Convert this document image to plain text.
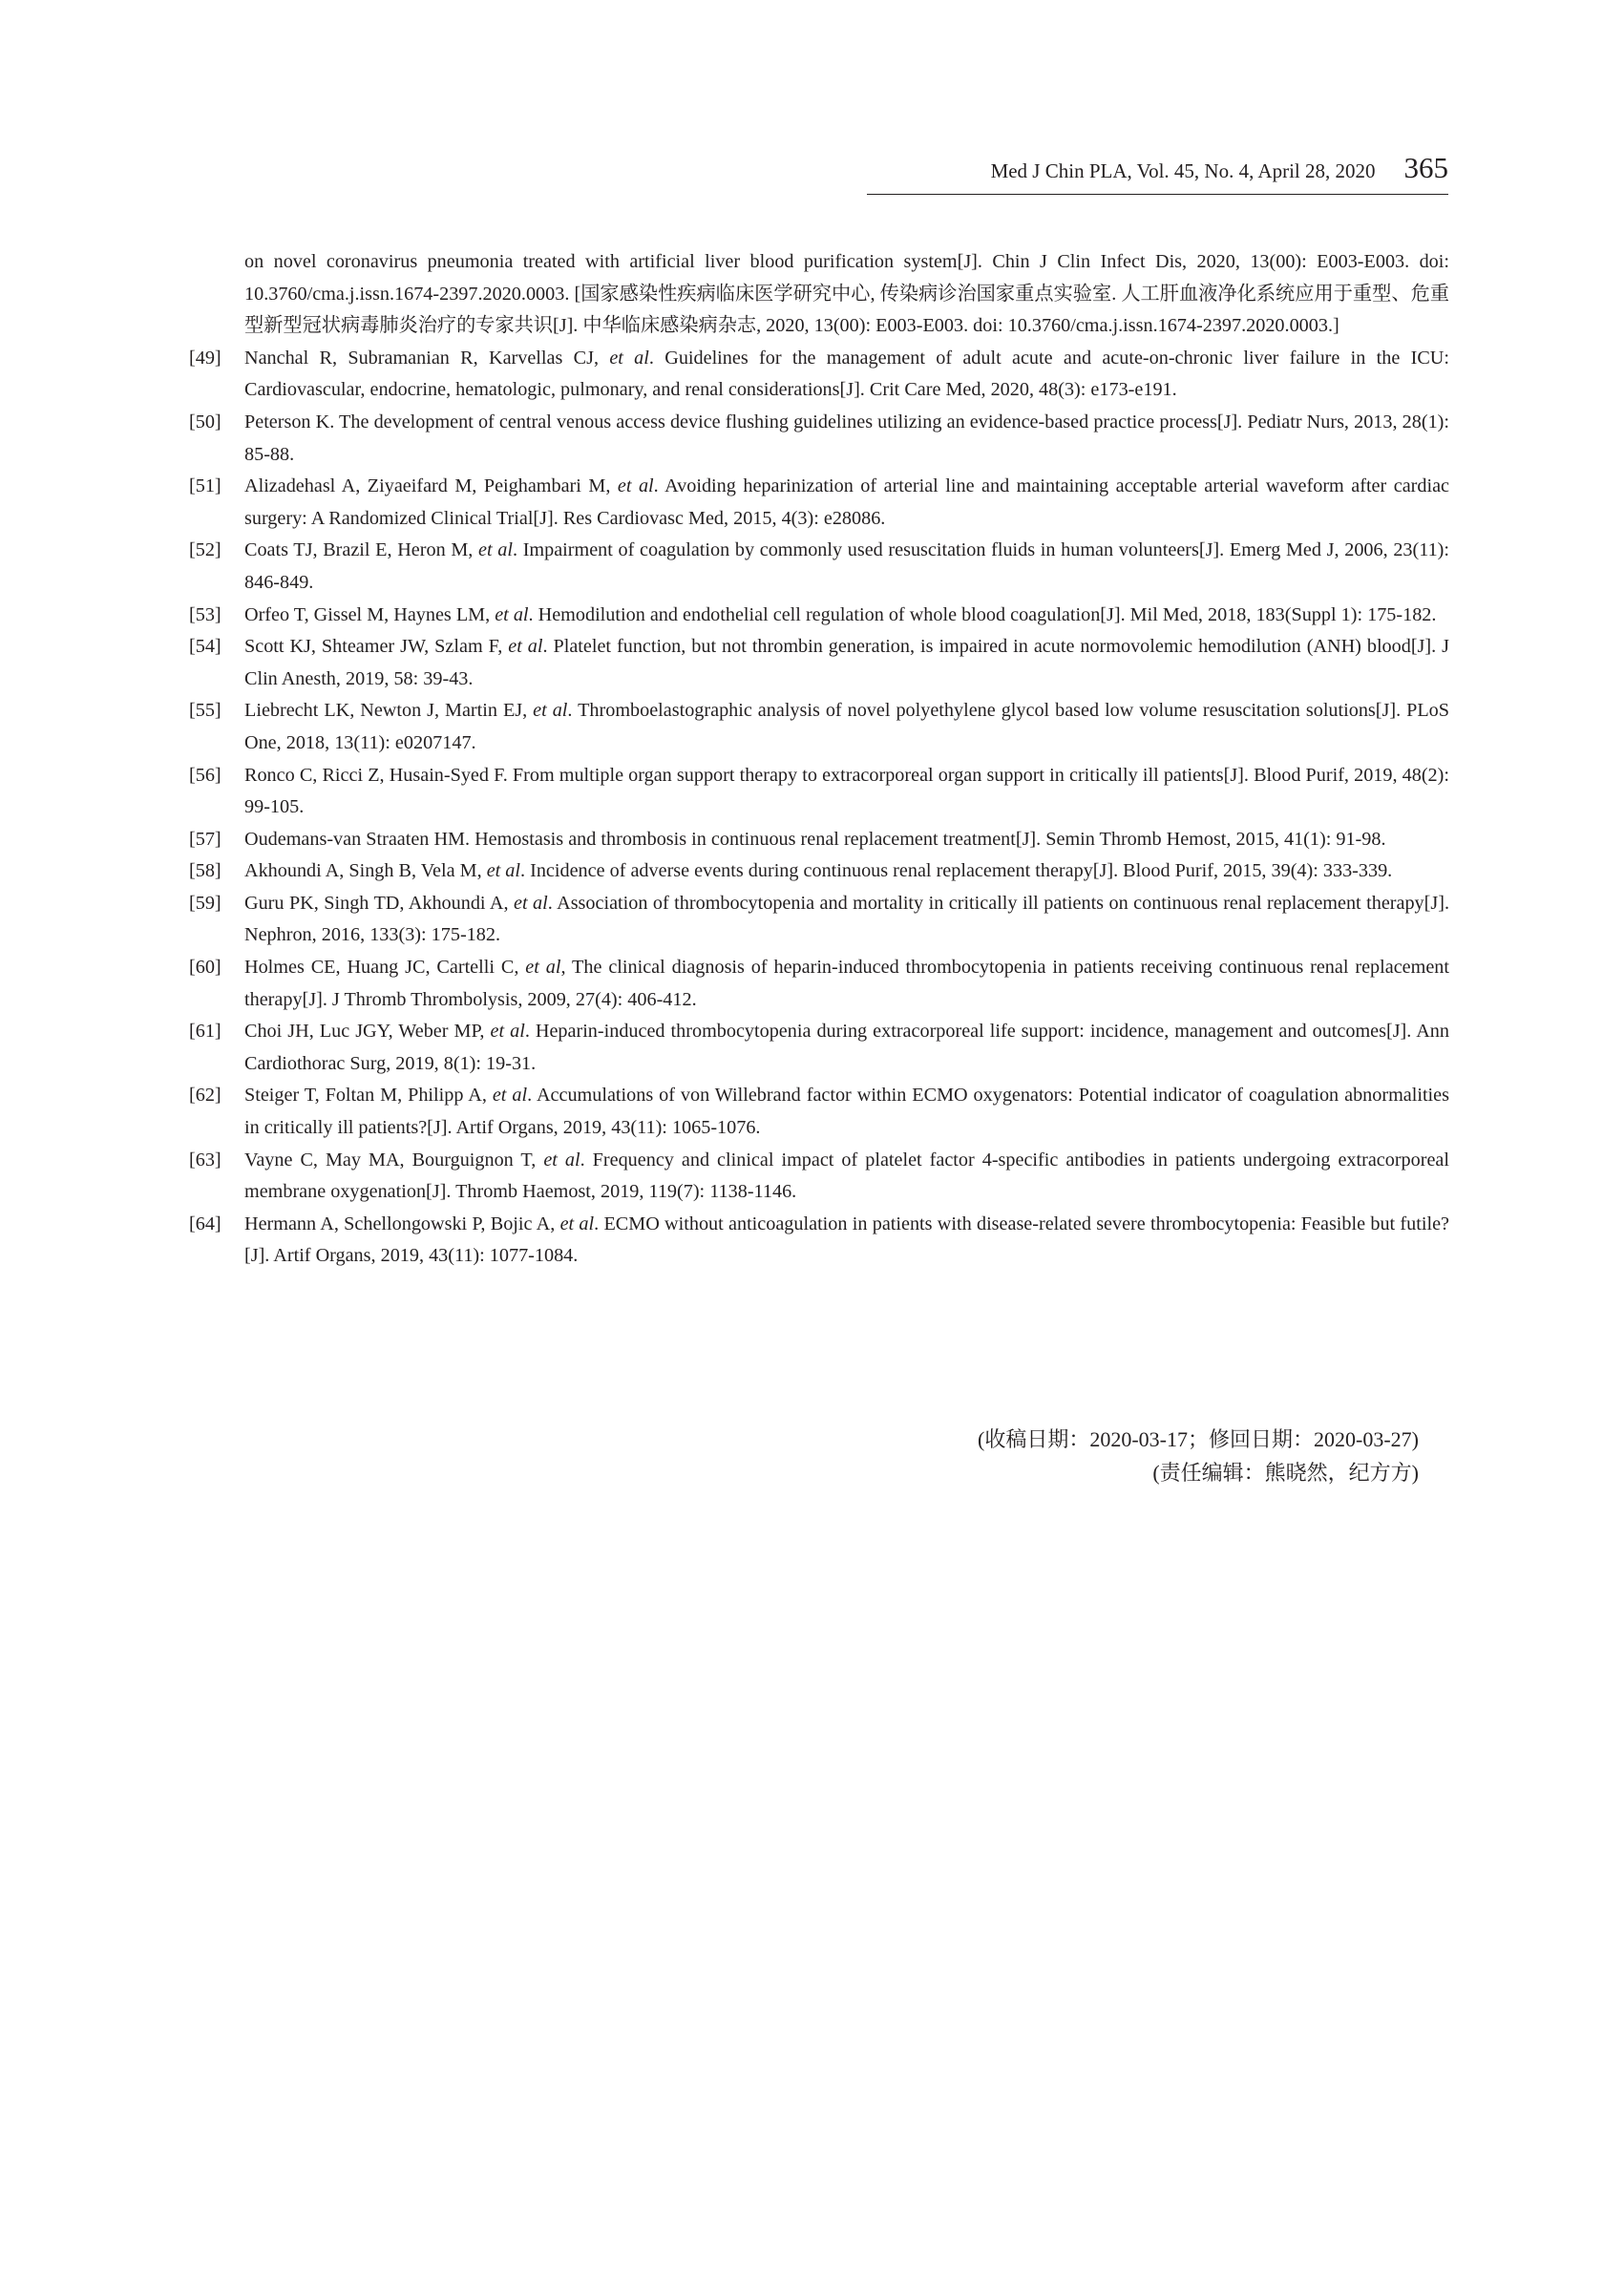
Med J Chin PLA, Vol. 45, No. 4, April 28, 2020 365
on novel coronavirus pneumonia treated with artificial liver blood purification system[J]. Chin J Clin Infect Dis, 2020, 13(00): E003-E003. doi: 10.3760/cma.j.issn.1674-2397.2020.0003. [国家感染性疾病临床医学研究中心, 传染病诊治国家重点实验室. 人工肝血液净化系统应用于重型、危重型新型冠状病毒肺炎治疗的专家共识[J]. 中华临床感染病杂志, 2020, 13(00): E003-E003. doi: 10.3760/cma.j.issn.1674-2397.2020.0003.]
[49]	Nanchal R, Subramanian R, Karvellas CJ, et al. Guidelines for the management of adult acute and acute-on-chronic liver failure in the ICU: Cardiovascular, endocrine, hematologic, pulmonary, and renal considerations[J]. Crit Care Med, 2020, 48(3): e173-e191.
[50]	Peterson K. The development of central venous access device flushing guidelines utilizing an evidence-based practice process[J]. Pediatr Nurs, 2013, 28(1): 85-88.
[51]	Alizadehasl A, Ziyaeifard M, Peighambari M, et al. Avoiding heparinization of arterial line and maintaining acceptable arterial waveform after cardiac surgery: A Randomized Clinical Trial[J]. Res Cardiovasc Med, 2015, 4(3): e28086.
[52]	Coats TJ, Brazil E, Heron M, et al. Impairment of coagulation by commonly used resuscitation fluids in human volunteers[J]. Emerg Med J, 2006, 23(11): 846-849.
[53]	Orfeo T, Gissel M, Haynes LM, et al. Hemodilution and endothelial cell regulation of whole blood coagulation[J]. Mil Med, 2018, 183(Suppl 1): 175-182.
[54]	Scott KJ, Shteamer JW, Szlam F, et al. Platelet function, but not thrombin generation, is impaired in acute normovolemic hemodilution (ANH) blood[J]. J Clin Anesth, 2019, 58: 39-43.
[55]	Liebrecht LK, Newton J, Martin EJ, et al. Thromboelastographic analysis of novel polyethylene glycol based low volume resuscitation solutions[J]. PLoS One, 2018, 13(11): e0207147.
[56]	Ronco C, Ricci Z, Husain-Syed F. From multiple organ support therapy to extracorporeal organ support in critically ill patients[J]. Blood Purif, 2019, 48(2): 99-105.
[57]	Oudemans-van Straaten HM. Hemostasis and thrombosis in continuous renal replacement treatment[J]. Semin Thromb Hemost, 2015, 41(1): 91-98.
[58]	Akhoundi A, Singh B, Vela M, et al. Incidence of adverse events during continuous renal replacement therapy[J]. Blood Purif, 2015, 39(4): 333-339.
[59]	Guru PK, Singh TD, Akhoundi A, et al. Association of thrombocytopenia and mortality in critically ill patients on continuous renal replacement therapy[J]. Nephron, 2016, 133(3): 175-182.
[60]	Holmes CE, Huang JC, Cartelli C, et al, The clinical diagnosis of heparin-induced thrombocytopenia in patients receiving continuous renal replacement therapy[J]. J Thromb Thrombolysis, 2009, 27(4): 406-412.
[61]	Choi JH, Luc JGY, Weber MP, et al. Heparin-induced thrombocytopenia during extracorporeal life support: incidence, management and outcomes[J]. Ann Cardiothorac Surg, 2019, 8(1): 19-31.
[62]	Steiger T, Foltan M, Philipp A, et al. Accumulations of von Willebrand factor within ECMO oxygenators: Potential indicator of coagulation abnormalities in critically ill patients?[J]. Artif Organs, 2019, 43(11): 1065-1076.
[63]	Vayne C, May MA, Bourguignon T, et al. Frequency and clinical impact of platelet factor 4-specific antibodies in patients undergoing extracorporeal membrane oxygenation[J]. Thromb Haemost, 2019, 119(7): 1138-1146.
[64]	Hermann A, Schellongowski P, Bojic A, et al. ECMO without anticoagulation in patients with disease-related severe thrombocytopenia: Feasible but futile?[J]. Artif Organs, 2019, 43(11): 1077-1084.
(收稿日期：2020-03-17；修回日期：2020-03-27)
(责任编辑：熊晓然，纪方方)
